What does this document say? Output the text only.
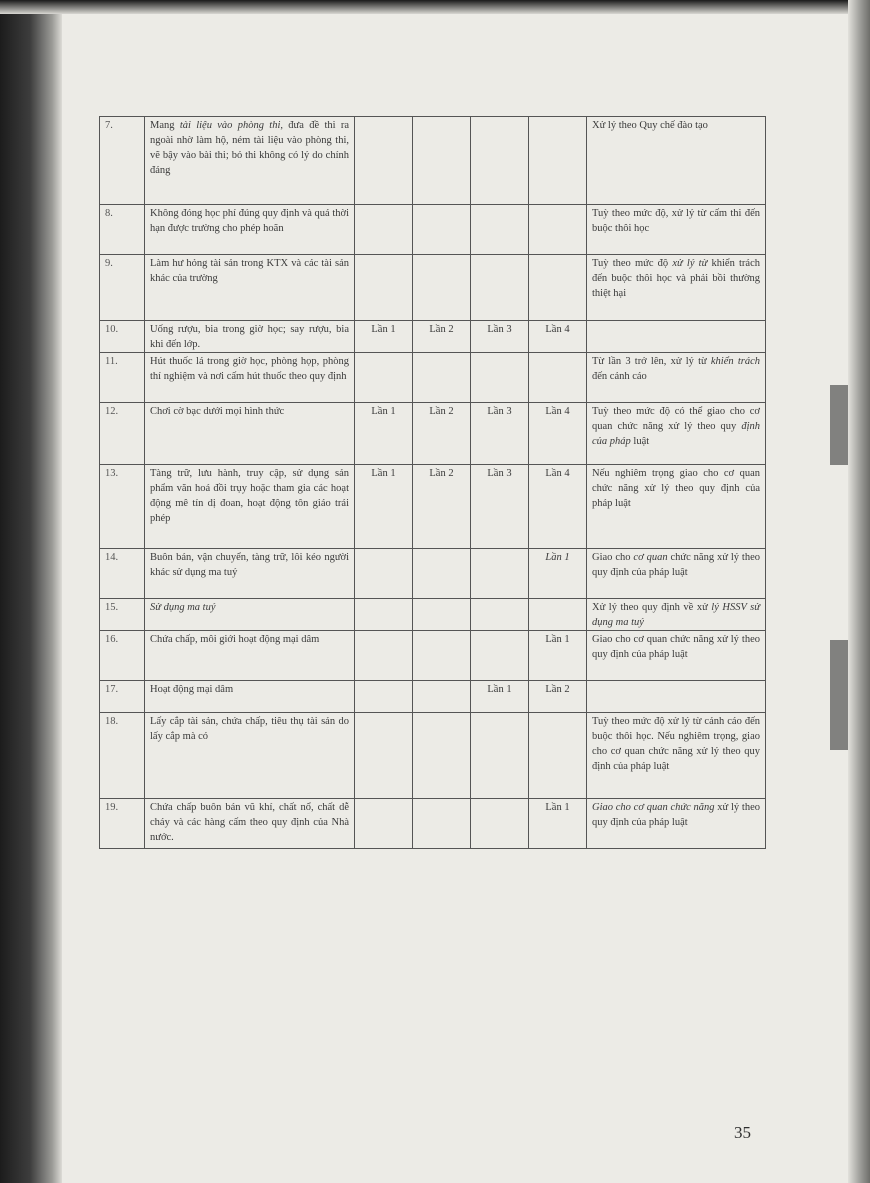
7.	Mang tài liệu vào phòng thi, đưa đề thi ra ngoài nhờ làm hộ, ném tài liệu vào phòng thi, vẽ bậy vào bài thi; bỏ thi không có lý do chính đáng					Xử lý theo Quy chế đào tạo
8.	Không đóng học phí đúng quy định và quá thời hạn được trường cho phép hoãn					Tuỳ theo mức độ, xử lý từ cấm thi đến buộc thôi học
9.	Làm hư hỏng tài sản trong KTX và các tài sản khác của trường					Tuỳ theo mức độ xử lý từ khiển trách đến buộc thôi học và phải bồi thường thiệt hại
10.	Uống rượu, bia trong giờ học; say rượu, bia khi đến lớp.	Lần 1	Lần 2	Lần 3	Lần 4	
11.	Hút thuốc lá trong giờ học, phòng họp, phòng thí nghiệm và nơi cấm hút thuốc theo quy định					Từ lần 3 trở lên, xử lý từ khiển trách đến cảnh cáo
12.	Chơi cờ bạc dưới mọi hình thức	Lần 1	Lần 2	Lần 3	Lần 4	Tuỳ theo mức độ có thể giao cho cơ quan chức năng xử lý theo quy định của pháp luật
13.	Tàng trữ, lưu hành, truy cập, sử dụng sản phẩm văn hoá đồi trụy hoặc tham gia các hoạt động mê tín dị đoan, hoạt động tôn giáo trái phép	Lần 1	Lần 2	Lần 3	Lần 4	Nếu nghiêm trọng giao cho cơ quan chức năng xử lý theo quy định của pháp luật
14.	Buôn bán, vận chuyển, tàng trữ, lôi kéo người khác sử dụng ma tuý				Lần 1	Giao cho cơ quan chức năng xử lý theo quy định của pháp luật
15.	Sử dụng ma tuý					Xử lý theo quy định về xử lý HSSV sử dụng ma tuý
16.	Chứa chấp, môi giới hoạt động mại dâm				Lần 1	Giao cho cơ quan chức năng xử lý theo quy định của pháp luật
17.	Hoạt động mại dâm			Lần 1	Lần 2	
18.	Lấy cắp tài sản, chứa chấp, tiêu thụ tài sản do lấy cắp mà có					Tuỳ theo mức độ xử lý từ cảnh cáo đến buộc thôi học. Nếu nghiêm trọng, giao cho cơ quan chức năng xử lý theo quy định của pháp luật
19.	Chứa chấp buôn bán vũ khí, chất nổ, chất dễ cháy và các hàng cấm theo quy định của Nhà nước.				Lần 1	Giao cho cơ quan chức năng xử lý theo quy định của pháp luật
35
